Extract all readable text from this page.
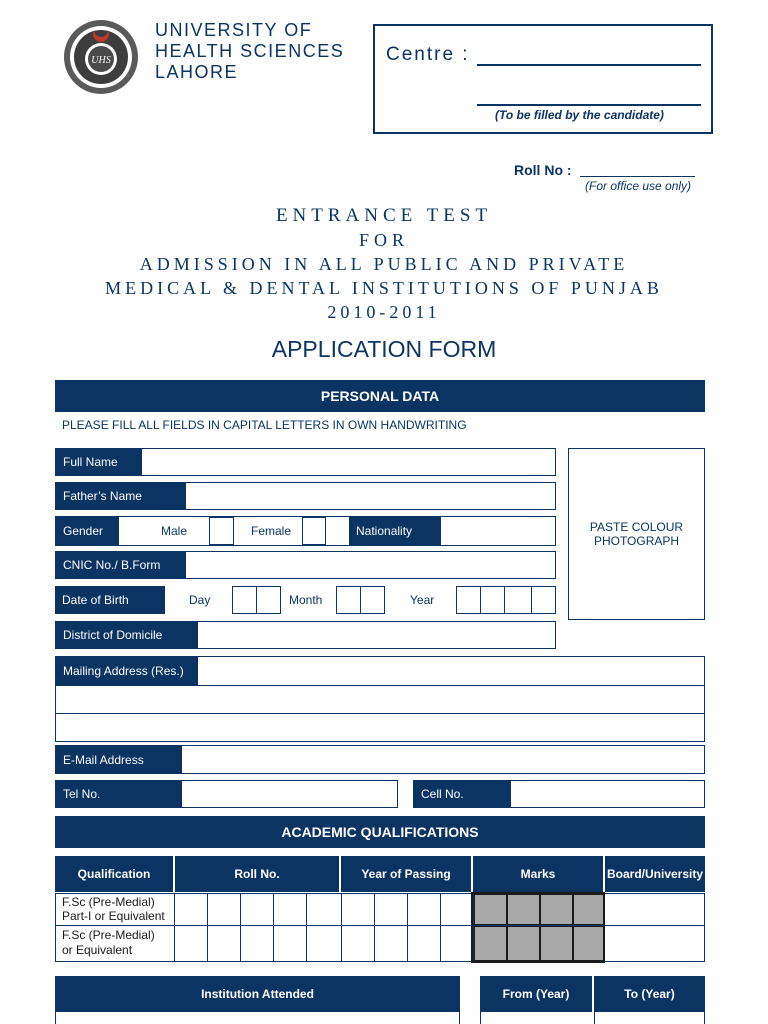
UHS
UNIVERSITY OF
HEALTH SCIENCES
LAHORE
Centre :
(To be filled by the candidate)
Roll No :
(For office use only)
ENTRANCE TEST
FOR
ADMISSION IN ALL PUBLIC AND PRIVATE
MEDICAL & DENTAL INSTITUTIONS OF PUNJAB
2010-2011
APPLICATION FORM
PERSONAL DATA
PLEASE FILL ALL FIELDS IN CAPITAL LETTERS IN OWN HANDWRITING
Full Name
Father’s Name
Gender	Male	Female	Nationality
CNIC No./ B.Form
Date of Birth	Day	Month	Year
District of Domicile
PASTE COLOUR
PHOTOGRAPH
Mailing Address (Res.)
E-Mail Address
Tel No.	Cell No.
ACADEMIC QUALIFICATIONS
Qualification	Roll No.	Year of Passing	Marks	Board/University
F.Sc (Pre-Medial)
Part-I or Equivalent
F.Sc (Pre-Medial)
or Equivalent
Institution Attended	From (Year)	To (Year)
